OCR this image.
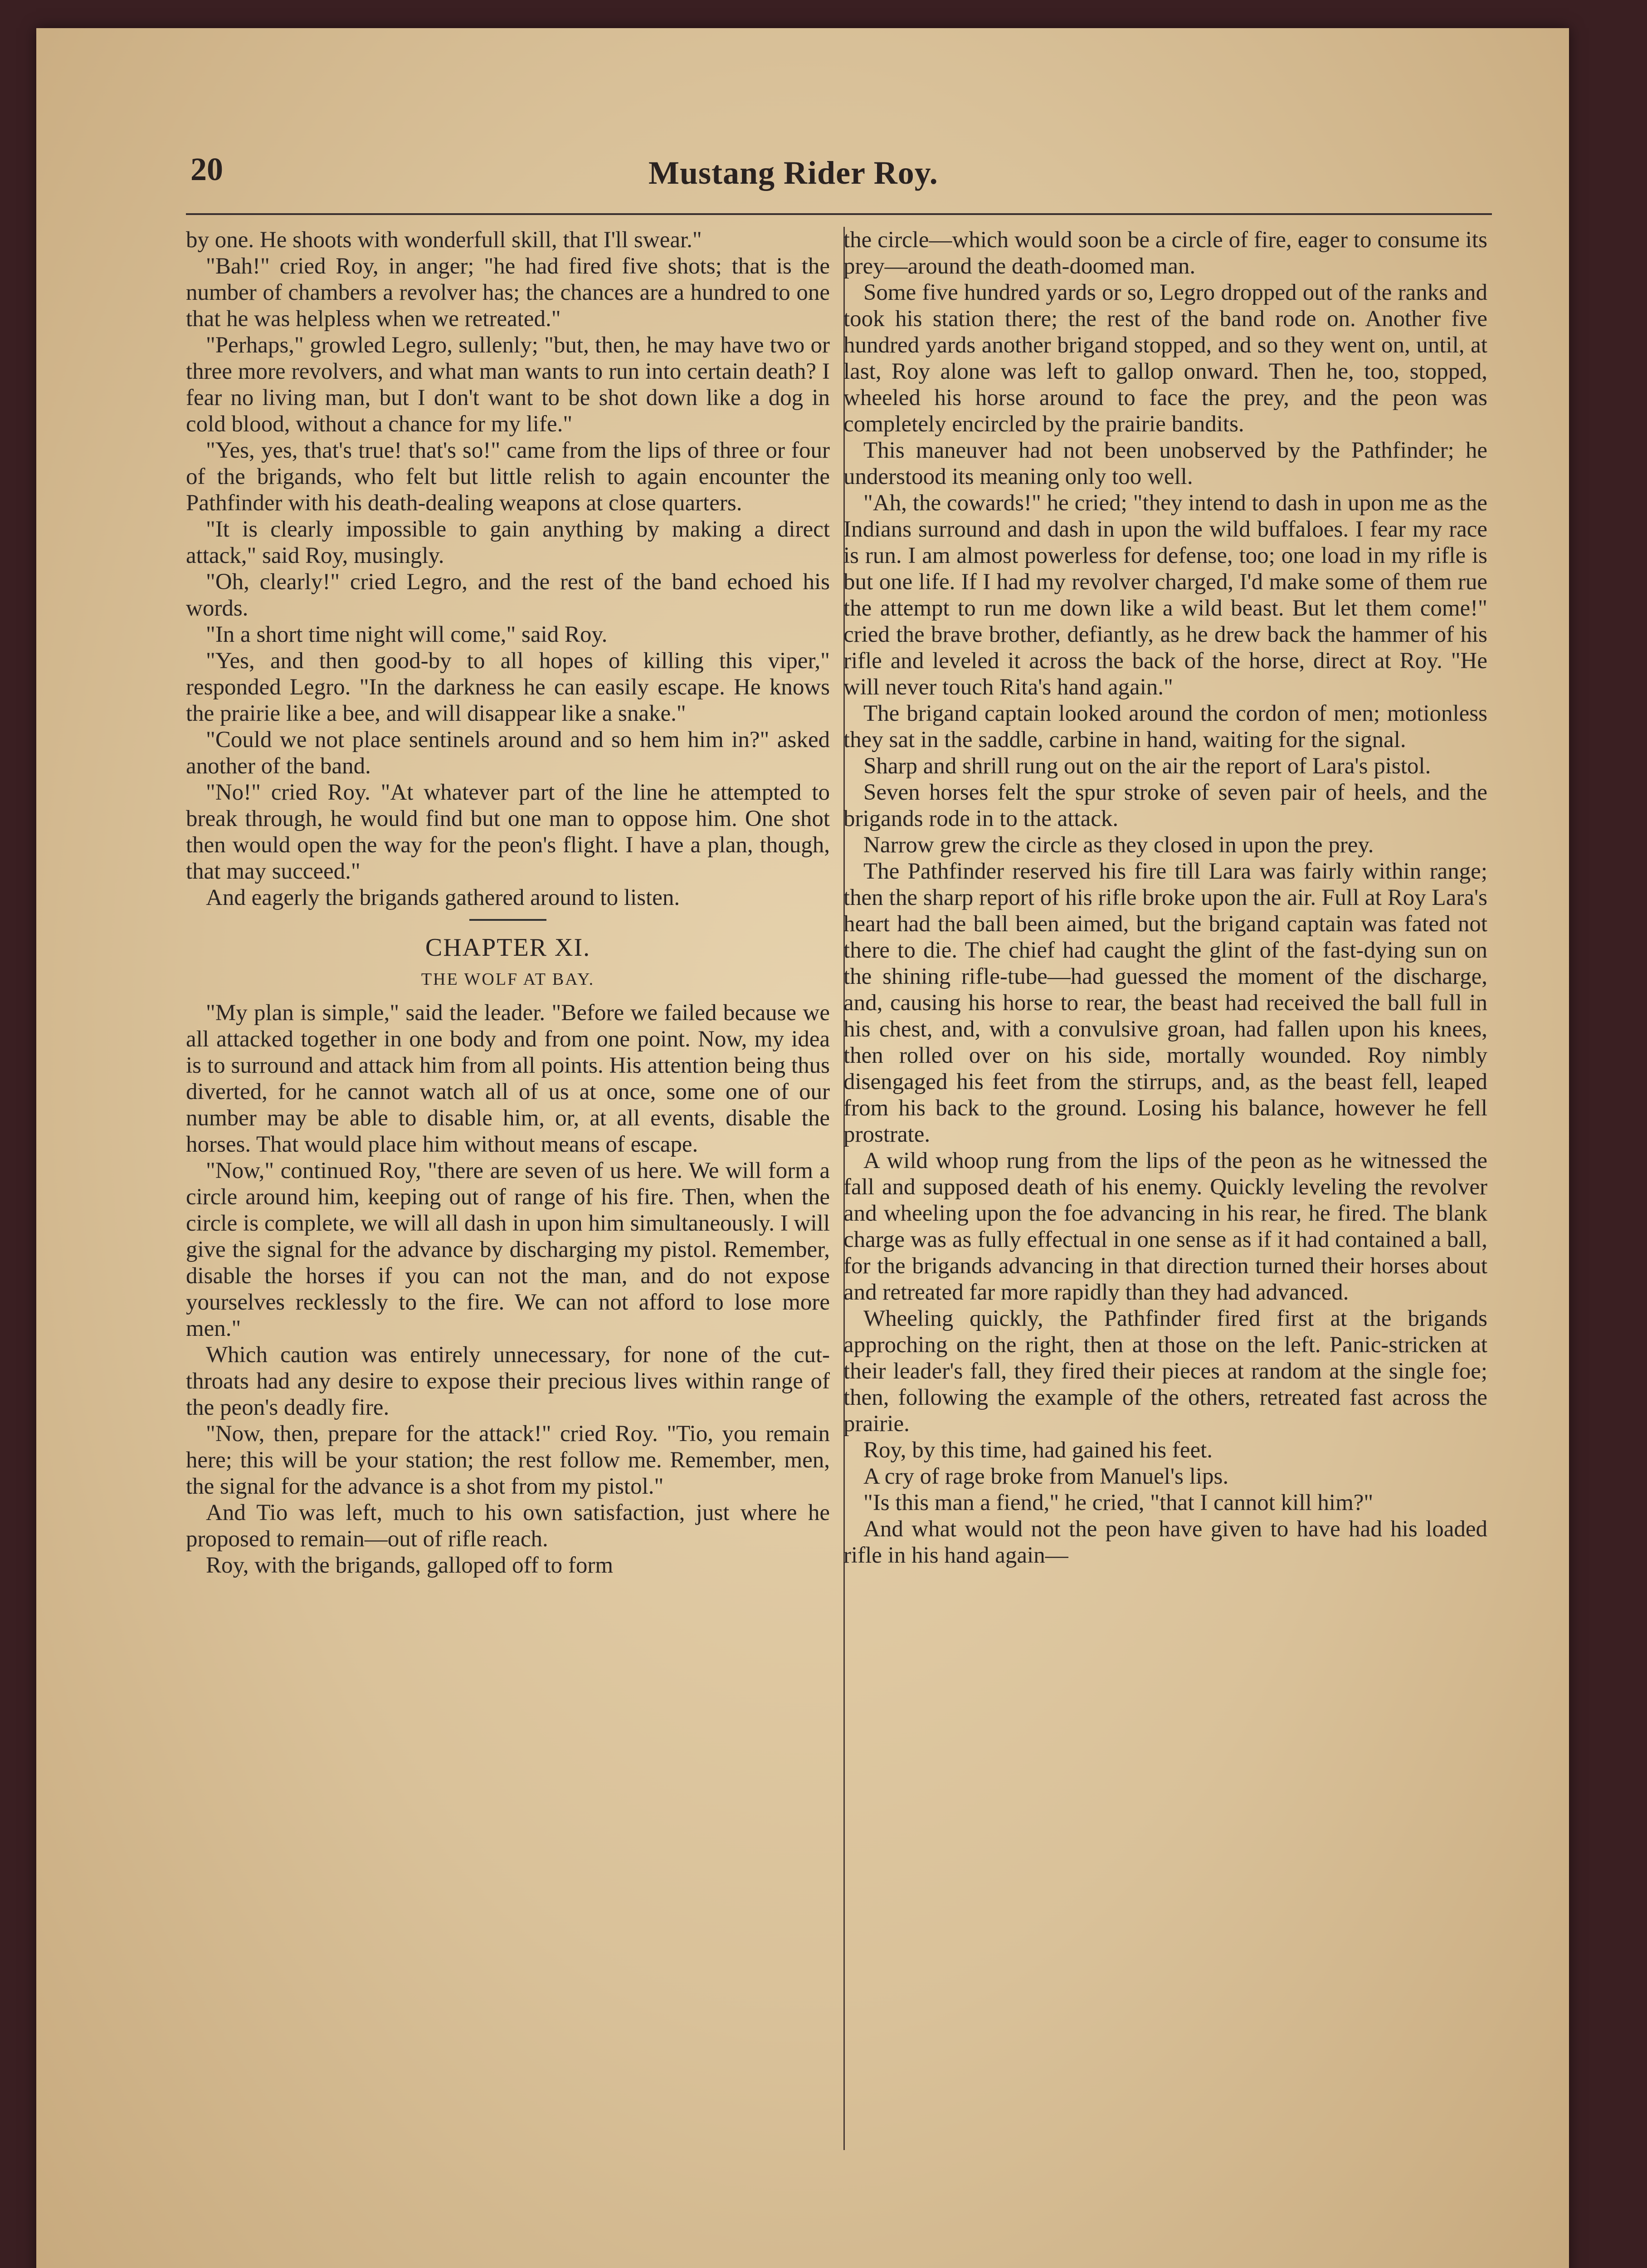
20	Mustang Rider Roy.

by one. He shoots with wonderfull skill, that I'll swear."

"Bah!" cried Roy, in anger; "he had fired five shots; that is the number of chambers a revolver has; the chances are a hundred to one that he was helpless when we retreated."

"Perhaps," growled Legro, sullenly; "but, then, he may have two or three more revolvers, and what man wants to run into certain death? I fear no living man, but I don't want to be shot down like a dog in cold blood, without a chance for my life."

"Yes, yes, that's true! that's so!" came from the lips of three or four of the brigands, who felt but little relish to again encounter the Pathfinder with his death-dealing weapons at close quarters.

"It is clearly impossible to gain anything by making a direct attack," said Roy, musingly.

"Oh, clearly!" cried Legro, and the rest of the band echoed his words.

"In a short time night will come," said Roy.

"Yes, and then good-by to all hopes of killing this viper," responded Legro. "In the darkness he can easily escape. He knows the prairie like a bee, and will disappear like a snake."

"Could we not place sentinels around and so hem him in?" asked another of the band.

"No!" cried Roy. "At whatever part of the line he attempted to break through, he would find but one man to oppose him. One shot then would open the way for the peon's flight. I have a plan, though, that may succeed."

And eagerly the brigands gathered around to listen.

CHAPTER XI.
THE WOLF AT BAY.

"My plan is simple," said the leader. "Before we failed because we all attacked together in one body and from one point. Now, my idea is to surround and attack him from all points. His attention being thus diverted, for he cannot watch all of us at once, some one of our number may be able to disable him, or, at all events, disable the horses. That would place him without means of escape.

"Now," continued Roy, "there are seven of us here. We will form a circle around him, keeping out of range of his fire. Then, when the circle is complete, we will all dash in upon him simultaneously. I will give the signal for the advance by discharging my pistol. Remember, disable the horses if you can not the man, and do not expose yourselves recklessly to the fire. We can not afford to lose more men."

Which caution was entirely unnecessary, for none of the cut-throats had any desire to expose their precious lives within range of the peon's deadly fire.

"Now, then, prepare for the attack!" cried Roy. "Tio, you remain here; this will be your station; the rest follow me. Remember, men, the signal for the advance is a shot from my pistol."

And Tio was left, much to his own satisfaction, just where he proposed to remain—out of rifle reach.

Roy, with the brigands, galloped off to form

the circle—which would soon be a circle of fire, eager to consume its prey—around the death-doomed man.

Some five hundred yards or so, Legro dropped out of the ranks and took his station there; the rest of the band rode on. Another five hundred yards another brigand stopped, and so they went on, until, at last, Roy alone was left to gallop onward. Then he, too, stopped, wheeled his horse around to face the prey, and the peon was completely encircled by the prairie bandits.

This maneuver had not been unobserved by the Pathfinder; he understood its meaning only too well.

"Ah, the cowards!" he cried; "they intend to dash in upon me as the Indians surround and dash in upon the wild buffaloes. I fear my race is run. I am almost powerless for defense, too; one load in my rifle is but one life. If I had my revolver charged, I'd make some of them rue the attempt to run me down like a wild beast. But let them come!" cried the brave brother, defiantly, as he drew back the hammer of his rifle and leveled it across the back of the horse, direct at Roy. "He will never touch Rita's hand again."

The brigand captain looked around the cordon of men; motionless they sat in the saddle, carbine in hand, waiting for the signal.

Sharp and shrill rung out on the air the report of Lara's pistol.

Seven horses felt the spur stroke of seven pair of heels, and the brigands rode in to the attack.

Narrow grew the circle as they closed in upon the prey.

The Pathfinder reserved his fire till Lara was fairly within range; then the sharp report of his rifle broke upon the air. Full at Roy Lara's heart had the ball been aimed, but the brigand captain was fated not there to die. The chief had caught the glint of the fast-dying sun on the shining rifle-tube—had guessed the moment of the discharge, and, causing his horse to rear, the beast had received the ball full in his chest, and, with a convulsive groan, had fallen upon his knees, then rolled over on his side, mortally wounded. Roy nimbly disengaged his feet from the stirrups, and, as the beast fell, leaped from his back to the ground. Losing his balance, however he fell prostrate.

A wild whoop rung from the lips of the peon as he witnessed the fall and supposed death of his enemy. Quickly leveling the revolver and wheeling upon the foe advancing in his rear, he fired. The blank charge was as fully effectual in one sense as if it had contained a ball, for the brigands advancing in that direction turned their horses about and retreated far more rapidly than they had advanced.

Wheeling quickly, the Pathfinder fired first at the brigands approching on the right, then at those on the left. Panic-stricken at their leader's fall, they fired their pieces at random at the single foe; then, following the example of the others, retreated fast across the prairie.

Roy, by this time, had gained his feet.

A cry of rage broke from Manuel's lips.

"Is this man a fiend," he cried, "that I cannot kill him?"

And what would not the peon have given to have had his loaded rifle in his hand again—
